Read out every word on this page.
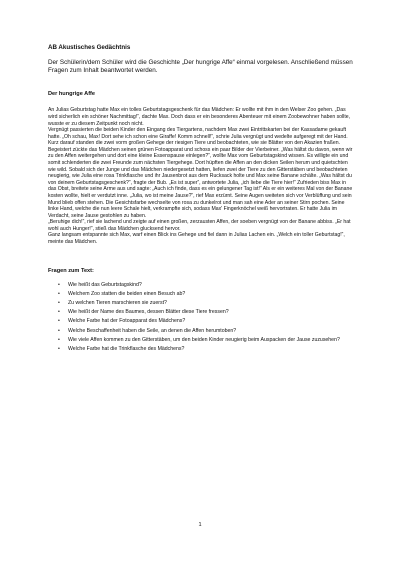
AB Akustisches Gedächtnis
Der Schülerin/dem Schüler wird die Geschichte „Der hungrige Affe“ einmal vorgelesen. Anschließend müssen Fragen zum Inhalt beantwortet werden.
Der hungrige Affe

An Julias Geburtstag hatte Max ein tolles Geburtstagsgeschenk für das Mädchen: Er wollte mit ihm in den Welser Zoo gehen. „Das wird sicherlich ein schöner Nachmittag!“, dachte Max. Doch dass er ein besonderes Abenteuer mit einem Zoobewohner haben sollte, wusste er zu diesem Zeitpunkt noch nicht.

Vergnügt passierten die beiden Kinder den Eingang des Tiergartens, nachdem Max zwei Eintrittskarten bei der Kassadame gekauft hatte. „Oh schau, Max! Dort sehe ich schon eine Giraffe! Komm schnell!“, schrie Julia vergnügt und wedelte aufgeregt mit der Hand. Kurz darauf standen die zwei vorm großen Gehege der riesigen Tiere und beobachteten, wie sie Blätter von den Akazien fraßen. Begeistert zückte das Mädchen seinen grünen Fotoapparat und schoss ein paar Bilder der Vierbeiner. „Was hältst du davon, wenn wir zu den Affen weitergehen und dort eine kleine Essenspause einlegen?“, wollte Max vom Geburtstagskind wissen. Es willigte ein und somit schlenderten die zwei Freunde zum nächsten Tiergehege. Dort hüpften die Affen an den dicken Seilen herum und quietschten wie wild. Sobald sich der Junge und das Mädchen niedergesetzt hatten, liefen zwei der Tiere zu den Gitterstäben und beobachteten neugierig, wie Julia eine rosa Trinkflasche und ihr Jausenbrot aus dem Rucksack holte und Max seine Banane schälte. „Was hältst du von deinem Geburtstagsgeschenk?“, fragte der Bub. „Es ist super“, antwortete Julia, „ich liebe die Tiere hier!“ Zufrieden biss Max in das Obst, breitete seine Arme aus und sagte: „Auch ich finde, dass es ein gelungener Tag ist!“ Als er ein weiteres Mal von der Banane kosten wollte, hielt er verdutzt inne. „Julia, wo ist meine Jause?“, rief Max erzürnt. Seine Augen weiteten sich vor Verblüffung und sein Mund blieb offen stehen. Die Gesichtsfarbe wechselte von rosa zu dunkelrot und man sah eine Ader an seiner Stirn pochen. Seine linke Hand, welche die nun leere Schale hielt, verkrampfte sich, sodass Max' Fingerknöchel weiß hervortraten. Er hatte Julia im Verdacht, seine Jause gestohlen zu haben.

„Beruhige dich!“, rief sie lachend und zeigte auf einen großen, zerzausten Affen, der soeben vergnügt von der Banane abbiss. „Er hat wohl auch Hunger!“, stieß das Mädchen glucksend hervor.

Ganz langsam entspannte sich Max, warf einen Blick ins Gehege und fiel dann in Julias Lachen ein. „Welch ein toller Geburtstag!“, meinte das Mädchen.

Fragen zum Text:
• Wie heißt das Geburtstagskind?
• Welchem Zoo statten die beiden einen Besuch ab?
• Zu welchen Tieren marschieren sie zuerst?
• Wie heißt der Name des Baumes, dessen Blätter diese Tiere fressen?
• Welche Farbe hat der Fotoapparat des Mädchens?
• Welche Beschaffenheit haben die Seile, an denen die Affen herumtoben?
• Wie viele Affen kommen zu den Gitterstäben, um den beiden Kinder neugierig beim Auspacken der Jause zuzusehen?
• Welche Farbe hat die Trinkflasche des Mädchens?
1
